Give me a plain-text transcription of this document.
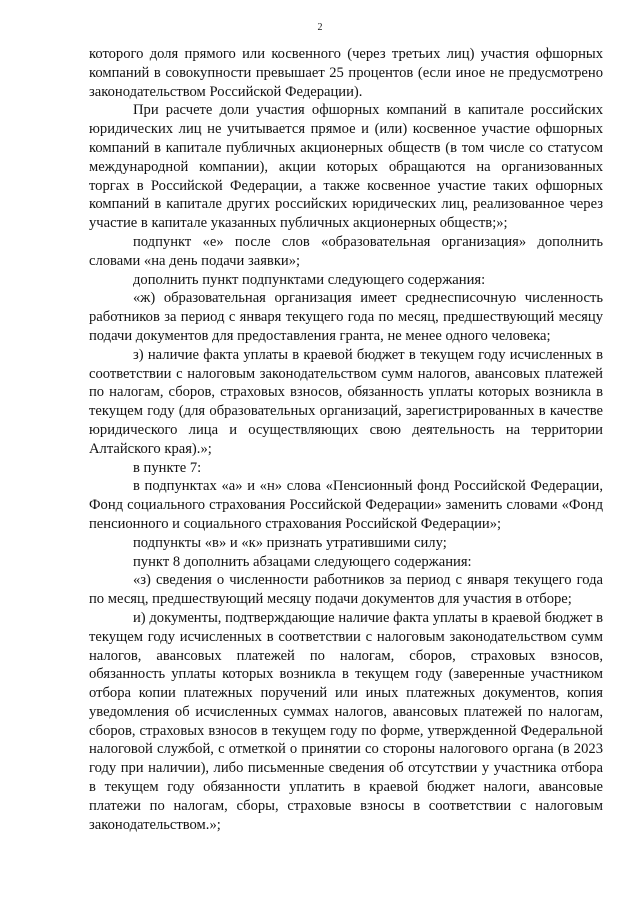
2

которого доля прямого или косвенного (через третьих лиц) участия офшорных компаний в совокупности превышает 25 процентов (если иное не предусмотрено законодательством Российской Федерации).

При расчете доли участия офшорных компаний в капитале российских юридических лиц не учитывается прямое и (или) косвенное участие офшорных компаний в капитале публичных акционерных обществ (в том числе со статусом международной компании), акции которых обращаются на организованных торгах в Российской Федерации, а также косвенное участие таких офшорных компаний в капитале других российских юридических лиц, реализованное через участие в капитале указанных публичных акционерных обществ;»;

подпункт «е» после слов «образовательная организация» дополнить словами «на день подачи заявки»;

дополнить пункт подпунктами следующего содержания:

«ж) образовательная организация имеет среднесписочную численность работников за период с января текущего года по месяц, предшествующий месяцу подачи документов для предоставления гранта, не менее одного человека;

з) наличие факта уплаты в краевой бюджет в текущем году исчисленных в соответствии с налоговым законодательством сумм налогов, авансовых платежей по налогам, сборов, страховых взносов, обязанность уплаты которых возникла в текущем году (для образовательных организаций, зарегистрированных в качестве юридического лица и осуществляющих свою деятельность на территории Алтайского края).»;

в пункте 7:

в подпунктах «а» и «н» слова «Пенсионный фонд Российской Федерации, Фонд социального страхования Российской Федерации» заменить словами «Фонд пенсионного и социального страхования Российской Федерации»;

подпункты «в» и «к» признать утратившими силу;

пункт 8 дополнить абзацами следующего содержания:

«з) сведения о численности работников за период с января текущего года по месяц, предшествующий месяцу подачи документов для участия в отборе;

и) документы, подтверждающие наличие факта уплаты в краевой бюджет в текущем году исчисленных в соответствии с налоговым законодательством сумм налогов, авансовых платежей по налогам, сборов, страховых взносов, обязанность уплаты которых возникла в текущем году (заверенные участником отбора копии платежных поручений или иных платежных документов, копия уведомления об исчисленных суммах налогов, авансовых платежей по налогам, сборов, страховых взносов в текущем году по форме, утвержденной Федеральной налоговой службой, с отметкой о принятии со стороны налогового органа (в 2023 году при наличии), либо письменные сведения об отсутствии у участника отбора в текущем году обязанности уплатить в краевой бюджет налоги, авансовые платежи по налогам, сборы, страховые взносы в соответствии с налоговым законодательством.»;
